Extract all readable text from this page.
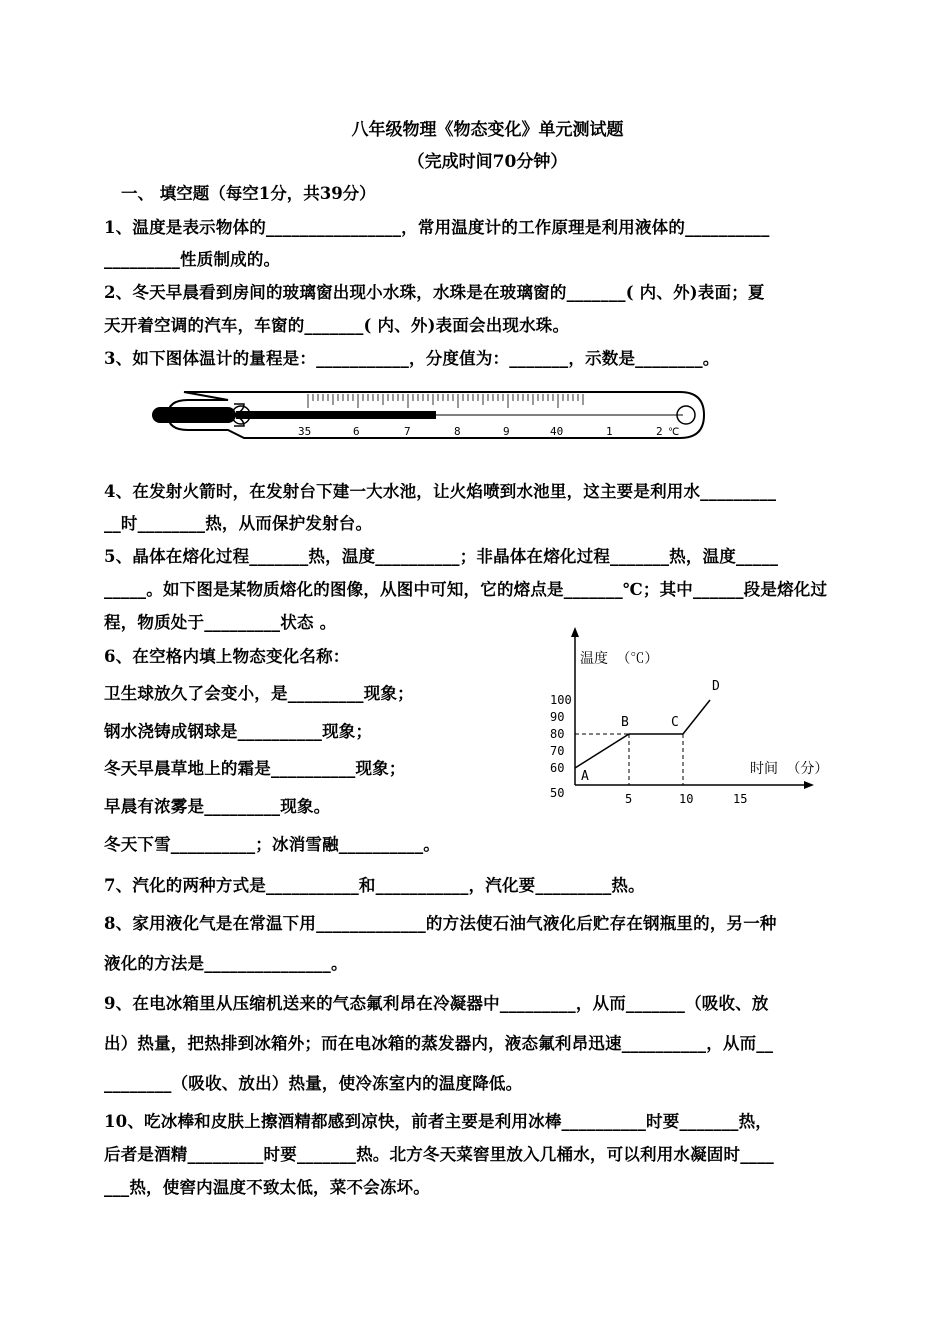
八年级物理《物态变化》单元测试题
（完成时间70分钟）
一、 填空题（每空1分，共39分）
1、温度是表示物体的________________，常用温度计的工作原理是利用液体的__________
_________性质制成的。
2、冬天早晨看到房间的玻璃窗出现小水珠，水珠是在玻璃窗的_______( 内、外)表面；夏
天开着空调的汽车，车窗的_______( 内、外)表面会出现水珠。
3、如下图体温计的量程是：___________，分度值为：_______，示数是________。
35	6	7	8	9	40	1	2 ℃
4、在发射火箭时，在发射台下建一大水池，让火焰喷到水池里，这主要是利用水_________
__时________热，从而保护发射台。
5、晶体在熔化过程_______热，温度__________；非晶体在熔化过程_______热，温度_____
_____。如下图是某物质熔化的图像，从图中可知，它的熔点是_______℃；其中______段是熔化过
程，物质处于_________状态 。
6、在空格内填上物态变化名称：
卫生球放久了会变小，是_________现象；
钢水浇铸成钢球是__________现象；
冬天早晨草地上的霜是__________现象；
早晨有浓雾是_________现象。
冬天下雪__________；冰消雪融__________。
温度 （℃）
时间 （分）
50
60
70
80
90
100
5	10	15
A
B	C
D
7、汽化的两种方式是___________和___________，汽化要_________热。
8、家用液化气是在常温下用_____________的方法使石油气液化后贮存在钢瓶里的，另一种
液化的方法是_______________。
9、在电冰箱里从压缩机送来的气态氟利昂在冷凝器中_________，从而_______（吸收、放
出）热量，把热排到冰箱外；而在电冰箱的蒸发器内，液态氟利昂迅速__________，从而__
________（吸收、放出）热量，使冷冻室内的温度降低。
10、吃冰棒和皮肤上擦酒精都感到凉快，前者主要是利用冰棒__________时要_______热，
后者是酒精_________时要_______热。北方冬天菜窖里放入几桶水，可以利用水凝固时____
___热，使窖内温度不致太低，菜不会冻坏。
